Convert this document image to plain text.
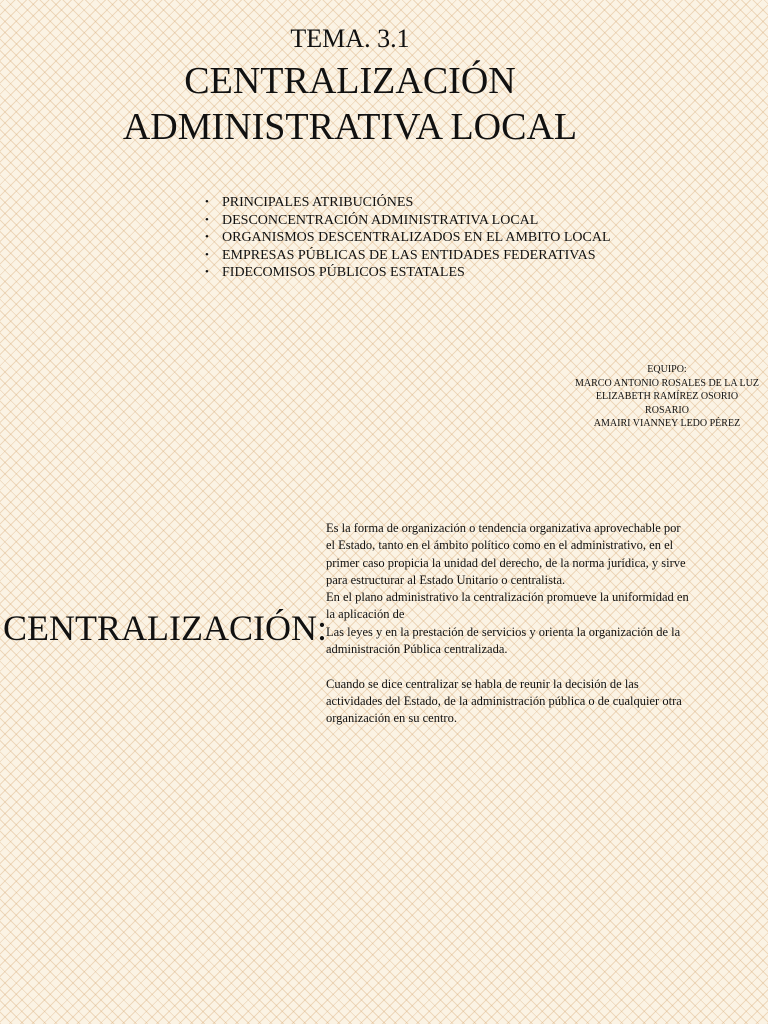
TEMA. 3.1
CENTRALIZACIÓN
ADMINISTRATIVA LOCAL
• PRINCIPALES ATRIBUCIÓNES
• DESCONCENTRACIÓN ADMINISTRATIVA LOCAL
• ORGANISMOS DESCENTRALIZADOS EN EL AMBITO LOCAL
• EMPRESAS PÚBLICAS DE LAS ENTIDADES FEDERATIVAS
• FIDECOMISOS PÚBLICOS ESTATALES
EQUIPO:
MARCO ANTONIO ROSALES DE LA LUZ
ELIZABETH RAMÍREZ OSORIO
ROSARIO
AMAIRI VIANNEY LEDO PÉREZ
CENTRALIZACIÓN:

Es la forma de organización o tendencia organizativa aprovechable por

el Estado, tanto en el ámbito político como en el administrativo, en el

primer caso propicia la unidad del derecho, de la norma jurídica, y sirve

para estructurar al Estado Unitario o centralista.

En el plano administrativo la centralización promueve la uniformidad en

la aplicación de

Las leyes y en la prestación de servicios y orienta la organización de la

administración Pública centralizada.

Cuando se dice centralizar se habla de reunir la decisión de las

actividades del Estado, de la administración pública o de cualquier otra

organización en su centro.
